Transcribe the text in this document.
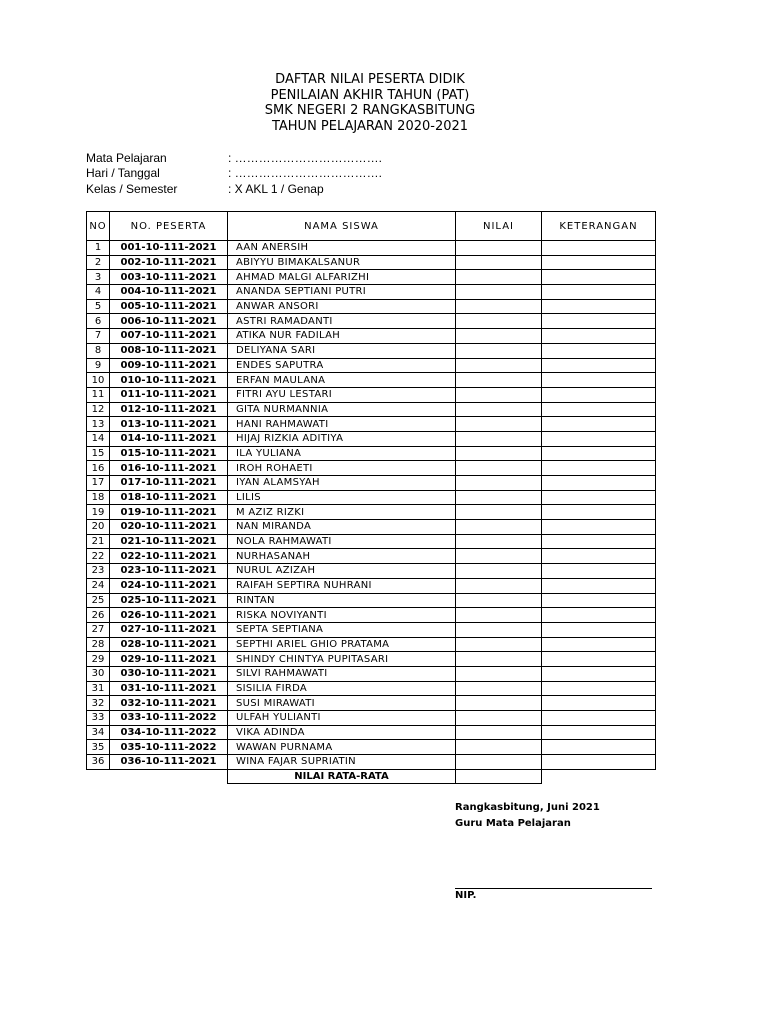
DAFTAR NILAI PESERTA DIDIK
PENILAIAN AKHIR TAHUN (PAT)
SMK NEGERI 2 RANGKASBITUNG
TAHUN PELAJARAN 2020-2021
Mata Pelajaran	: ……………………………….
Hari / Tanggal	: ……………………………….
Kelas / Semester	: X AKL 1 / Genap
NO	NO. PESERTA	NAMA SISWA	NILAI	KETERANGAN
1	001-10-111-2021	AAN ANERSIH		
2	002-10-111-2021	ABIYYU BIMAKALSANUR		
3	003-10-111-2021	AHMAD MALGI ALFARIZHI		
4	004-10-111-2021	ANANDA SEPTIANI PUTRI		
5	005-10-111-2021	ANWAR ANSORI		
6	006-10-111-2021	ASTRI RAMADANTI		
7	007-10-111-2021	ATIKA NUR FADILAH		
8	008-10-111-2021	DELIYANA SARI		
9	009-10-111-2021	ENDES SAPUTRA		
10	010-10-111-2021	ERFAN MAULANA		
11	011-10-111-2021	FITRI AYU LESTARI		
12	012-10-111-2021	GITA NURMANNIA		
13	013-10-111-2021	HANI RAHMAWATI		
14	014-10-111-2021	HIJAJ RIZKIA ADITIYA		
15	015-10-111-2021	ILA YULIANA		
16	016-10-111-2021	IROH ROHAETI		
17	017-10-111-2021	IYAN ALAMSYAH		
18	018-10-111-2021	LILIS		
19	019-10-111-2021	M AZIZ RIZKI		
20	020-10-111-2021	NAN MIRANDA		
21	021-10-111-2021	NOLA RAHMAWATI		
22	022-10-111-2021	NURHASANAH		
23	023-10-111-2021	NURUL AZIZAH		
24	024-10-111-2021	RAIFAH SEPTIRA NUHRANI		
25	025-10-111-2021	RINTAN		
26	026-10-111-2021	RISKA NOVIYANTI		
27	027-10-111-2021	SEPTA SEPTIANA		
28	028-10-111-2021	SEPTHI ARIEL GHIO PRATAMA		
29	029-10-111-2021	SHINDY CHINTYA PUPITASARI		
30	030-10-111-2021	SILVI RAHMAWATI		
31	031-10-111-2021	SISILIA FIRDA		
32	032-10-111-2021	SUSI MIRAWATI		
33	033-10-111-2022	ULFAH YULIANTI		
34	034-10-111-2022	VIKA ADINDA		
35	035-10-111-2022	WAWAN PURNAMA		
36	036-10-111-2021	WINA FAJAR SUPRIATIN		
		NILAI RATA-RATA		
Rangkasbitung, Juni 2021
Guru Mata Pelajaran
NIP.
